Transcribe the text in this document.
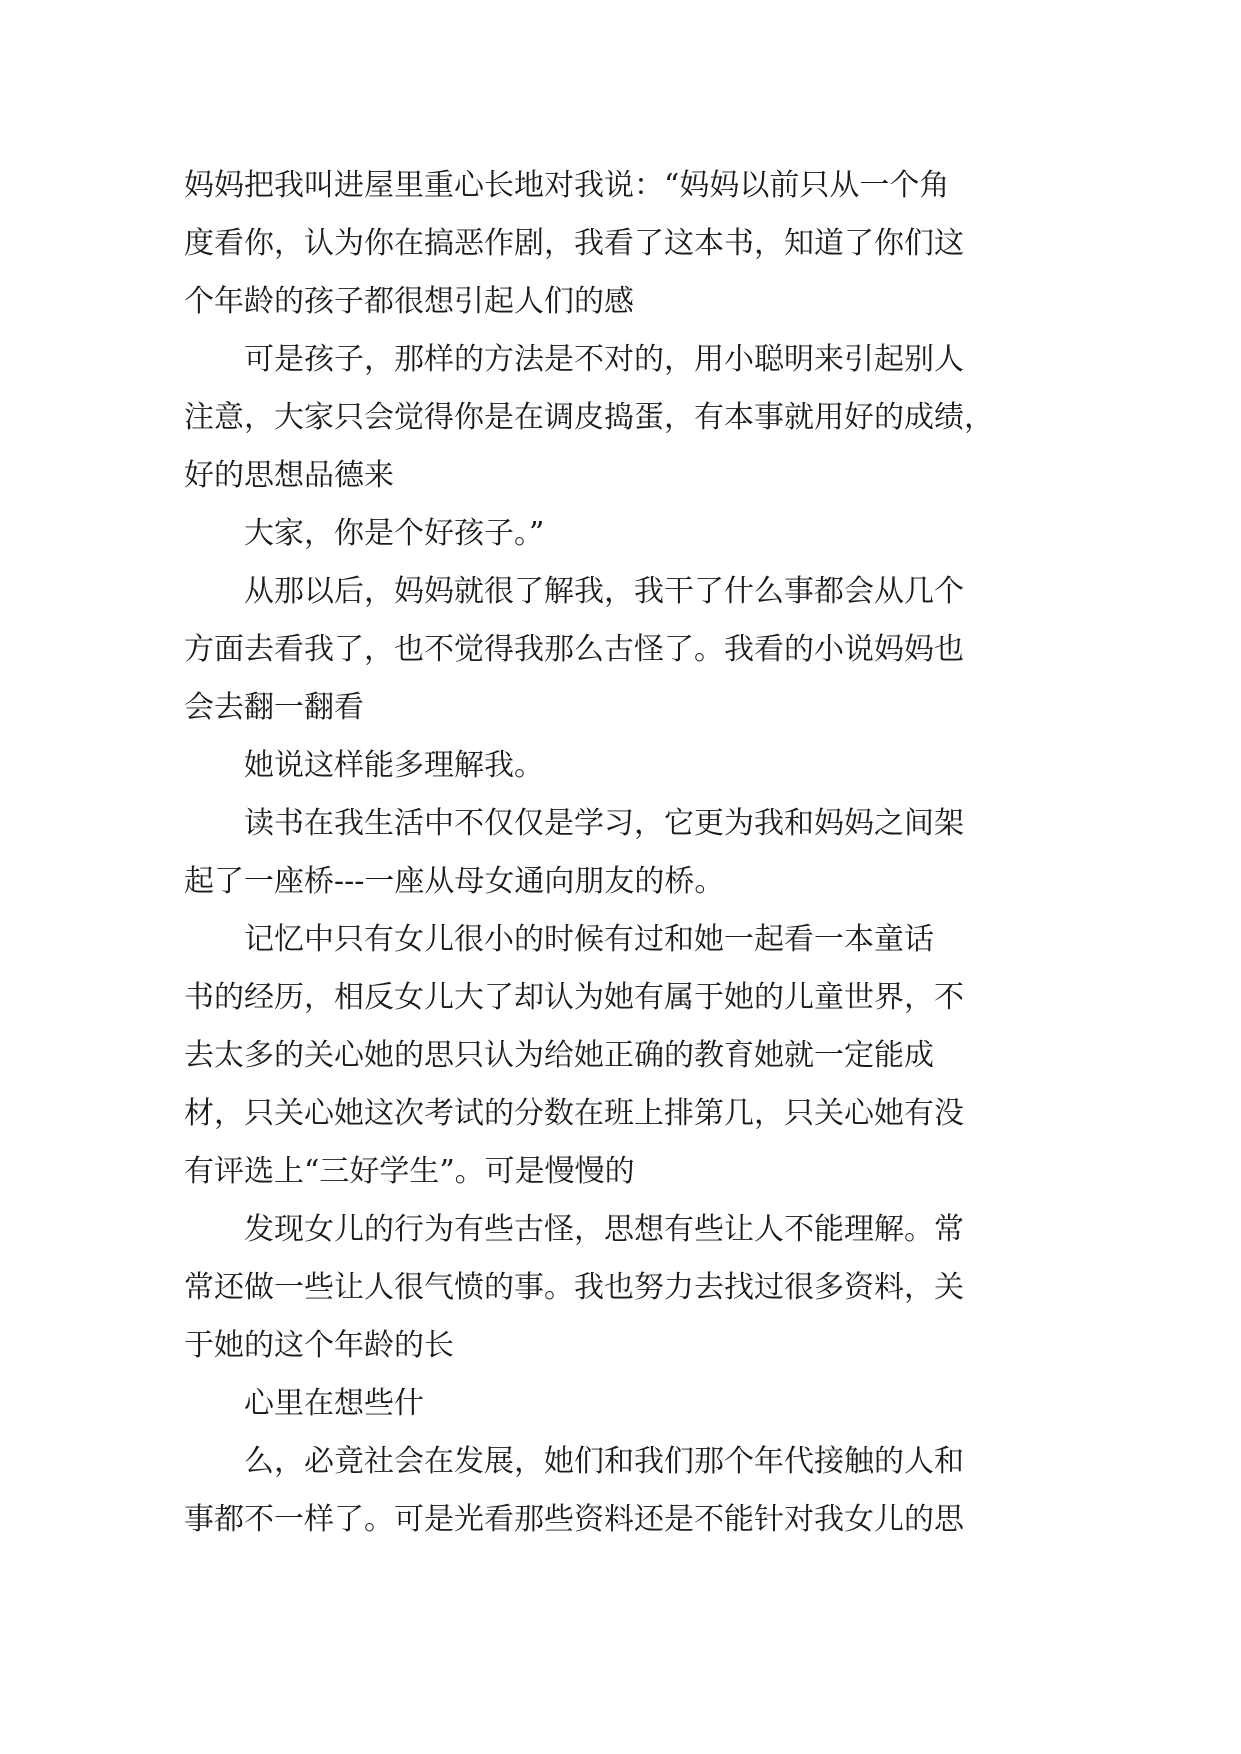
妈妈把我叫进屋里重心长地对我说：“妈妈以前只从一个角
度看你，认为你在搞恶作剧，我看了这本书，知道了你们这
个年龄的孩子都很想引起人们的感

可是孩子，那样的方法是不对的，用小聪明来引起别人
注意，大家只会觉得你是在调皮捣蛋，有本事就用好的成绩，
好的思想品德来

大家，你是个好孩子。”

从那以后，妈妈就很了解我，我干了什么事都会从几个
方面去看我了，也不觉得我那么古怪了。我看的小说妈妈也
会去翻一翻看

她说这样能多理解我。

读书在我生活中不仅仅是学习，它更为我和妈妈之间架
起了一座桥---一座从母女通向朋友的桥。

记忆中只有女儿很小的时候有过和她一起看一本童话
书的经历，相反女儿大了却认为她有属于她的儿童世界，不
去太多的关心她的思只认为给她正确的教育她就一定能成
材，只关心她这次考试的分数在班上排第几，只关心她有没
有评选上“三好学生”。可是慢慢的

发现女儿的行为有些古怪，思想有些让人不能理解。常
常还做一些让人很气愤的事。我也努力去找过很多资料，关
于她的这个年龄的长

心里在想些什

么，必竟社会在发展，她们和我们那个年代接触的人和
事都不一样了。可是光看那些资料还是不能针对我女儿的思
